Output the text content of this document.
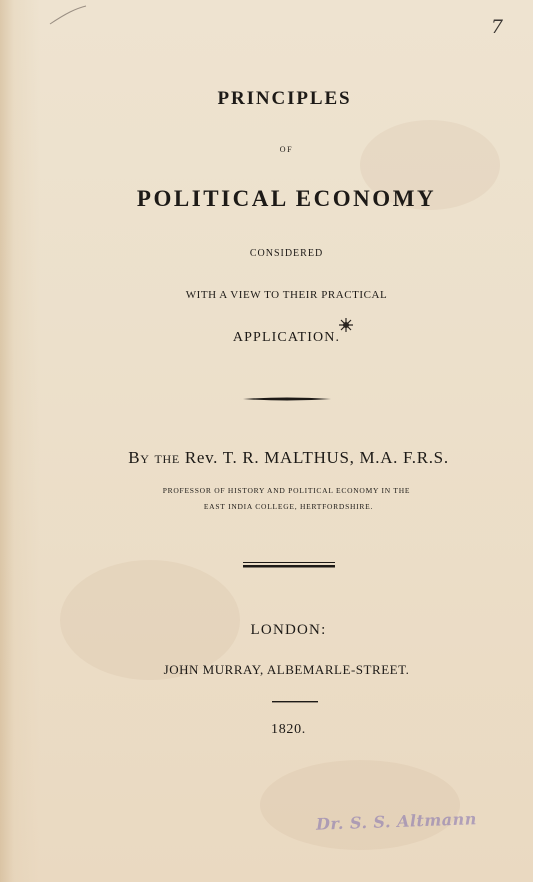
7
PRINCIPLES
OF
POLITICAL ECONOMY
CONSIDERED
WITH A VIEW TO THEIR PRACTICAL
APPLICATION.
By the Rev. T. R. MALTHUS, M.A. F.R.S.
PROFESSOR OF HISTORY AND POLITICAL ECONOMY IN THE
EAST INDIA COLLEGE, HERTFORDSHIRE.
LONDON:
JOHN MURRAY, ALBEMARLE-STREET.
1820.
Dr. S. S. Altmann
